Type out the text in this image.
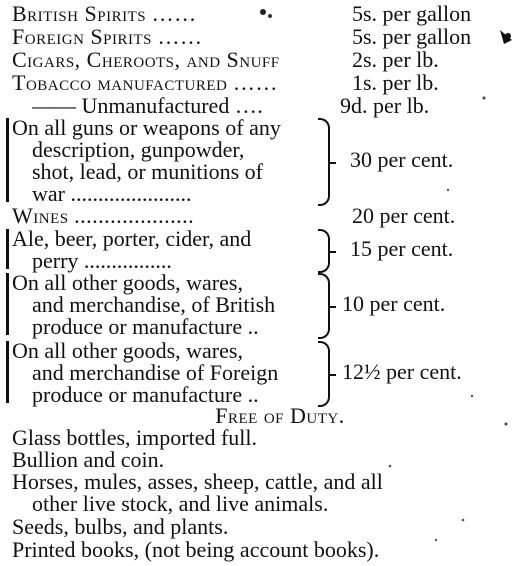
British Spirits ……	5s. per gallon
Foreign Spirits ……	5s. per gallon
Cigars, Cheroots, and Snuff	2s. per lb.
Tobacco manufactured ……	1s. per lb.
—— Unmanufactured ….	9d. per lb.
On all guns or weapons of any
description, gunpowder,
shot, lead, or munitions of
war ......................
30 per cent.
Wines ....................	20 per cent.
Ale, beer, porter, cider, and
perry ................	15 per cent.
On all other goods, wares,
and merchandise, of British
produce or manufacture ..
10 per cent.
On all other goods, wares,
and merchandise of Foreign
produce or manufacture ..
12½ per cent.
Free of Duty.
Glass bottles, imported full.
Bullion and coin.
Horses, mules, asses, sheep, cattle, and all
other live stock, and live animals.
Seeds, bulbs, and plants.
Printed books, (not being account books).
